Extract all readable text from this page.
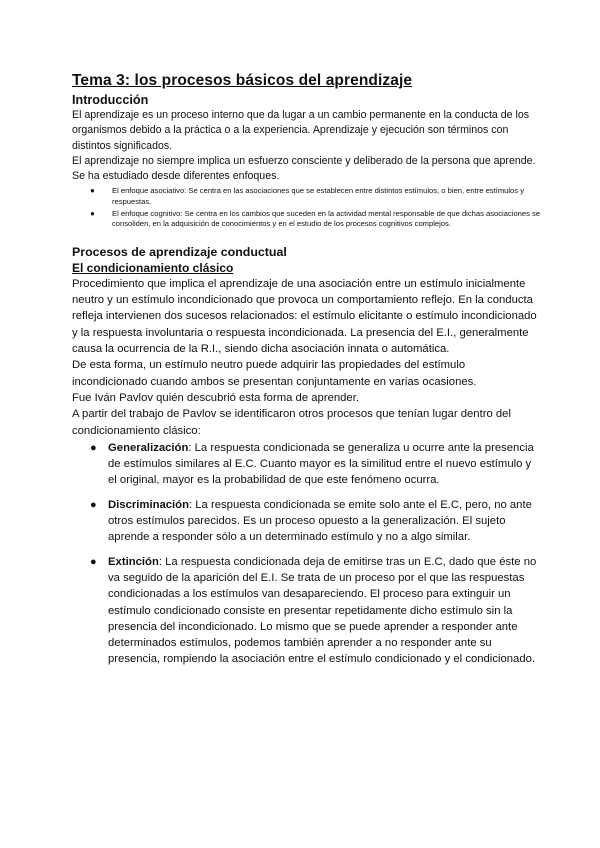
Tema 3: los procesos básicos del aprendizaje
Introducción

El aprendizaje es un proceso interno que da lugar a un cambio permanente en la conducta de los organismos debido a la práctica o a la experiencia. Aprendizaje y ejecución son términos con distintos significados.

El aprendizaje no siempre implica un esfuerzo consciente y deliberado de la persona que aprende. Se ha estudiado desde diferentes enfoques.

● El enfoque asociativo: Se centra en las asociaciones que se establecen entre distintos estímulos, o bien, entre estímulos y respuestas.
● El enfoque cognitivo: Se centra en los cambios que suceden en la actividad mental responsable de que dichas asociaciones se consoliden, en la adquisición de conocimientos y en el estudio de los procesos cognitivos complejos.
Procesos de aprendizaje conductual
El condicionamiento clásico

Procedimiento que implica el aprendizaje de una asociación entre un estímulo inicialmente neutro y un estímulo incondicionado que provoca un comportamiento reflejo. En la conducta refleja intervienen dos sucesos relacionados: el estímulo elicitante o estímulo incondicionado y la respuesta involuntaria o respuesta incondicionada. La presencia del E.I., generalmente causa la ocurrencia de la R.I., siendo dicha asociación innata o automática.

De esta forma, un estímulo neutro puede adquirir las propiedades del estímulo incondicionado cuando ambos se presentan conjuntamente en varias ocasiones.

Fue Iván Pavlov quién descubrió esta forma de aprender.

A partir del trabajo de Pavlov se identificaron otros procesos que tenían lugar dentro del condicionamiento clásico:

● Generalización: La respuesta condicionada se generaliza u ocurre ante la presencia de estímulos similares al E.C. Cuanto mayor es la similitud entre el nuevo estímulo y el original, mayor es la probabilidad de que este fenómeno ocurra.
● Discriminación: La respuesta condicionada se emite solo ante el E.C, pero, no ante otros estímulos parecidos. Es un proceso opuesto a la generalización. El sujeto aprende a responder sólo a un determinado estímulo y no a algo similar.
● Extinción: La respuesta condicionada deja de emitirse tras un E.C, dado que éste no va seguido de la aparición del E.I. Se trata de un proceso por el que las respuestas condicionadas a los estímulos van desapareciendo. El proceso para extinguir un estímulo condicionado consiste en presentar repetidamente dicho estímulo sin la presencia del incondicionado. Lo mismo que se puede aprender a responder ante determinados estímulos, podemos también aprender a no responder ante su presencia, rompiendo la asociación entre el estímulo condicionado y el condicionado.
